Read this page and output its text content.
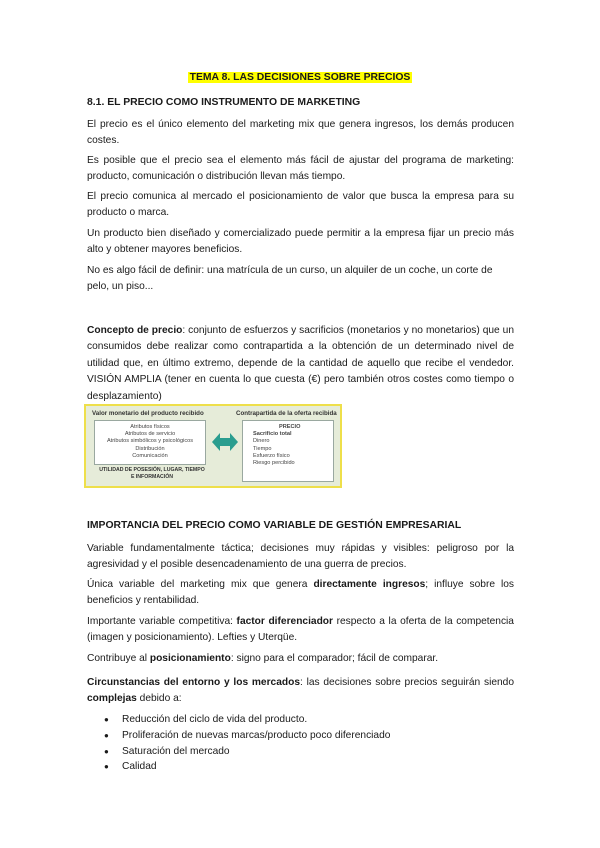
TEMA 8. LAS DECISIONES SOBRE PRECIOS
8.1. EL PRECIO COMO INSTRUMENTO DE MARKETING

El precio es el único elemento del marketing mix que genera ingresos, los demás producen costes.

Es posible que el precio sea el elemento más fácil de ajustar del programa de marketing: producto, comunicación o distribución llevan más tiempo.

El precio comunica al mercado el posicionamiento de valor que busca la empresa para su producto o marca.

Un producto bien diseñado y comercializado puede permitir a la empresa fijar un precio más alto y obtener mayores beneficios.

No es algo fácil de definir: una matrícula de un curso, un alquiler de un coche, un corte de pelo, un piso...

Concepto de precio: conjunto de esfuerzos y sacrificios (monetarios y no monetarios) que un consumidos debe realizar como contrapartida a la obtención de un determinado nivel de utilidad que, en último extremo, depende de la cantidad de aquello que recibe el vendedor. VISIÓN AMPLIA (tener en cuenta lo que cuesta (€) pero también otros costes como tiempo o desplazamiento)

Valor monetario del producto recibido	Contrapartida de la oferta recibida
Atributos físicos
Atributos de servicio
Atributos simbólicos y psicológicos
Distribución
Comunicación
UTILIDAD DE POSESIÓN, LUGAR, TIEMPO E INFORMACIÓN
PRECIO
Sacrificio total
Dinero
Tiempo
Esfuerzo físico
Riesgo percibido
IMPORTANCIA DEL PRECIO COMO VARIABLE DE GESTIÓN EMPRESARIAL

Variable fundamentalmente táctica; decisiones muy rápidas y visibles: peligroso por la agresividad y el posible desencadenamiento de una guerra de precios.

Única variable del marketing mix que genera directamente ingresos; influye sobre los beneficios y rentabilidad.

Importante variable competitiva: factor diferenciador respecto a la oferta de la competencia (imagen y posicionamiento). Lefties y Uterqüe.

Contribuye al posicionamiento: signo para el comparador; fácil de comparar.

Circunstancias del entorno y los mercados: las decisiones sobre precios seguirán siendo complejas debido a:

● Reducción del ciclo de vida del producto.
● Proliferación de nuevas marcas/producto poco diferenciado
● Saturación del mercado
● Calidad
